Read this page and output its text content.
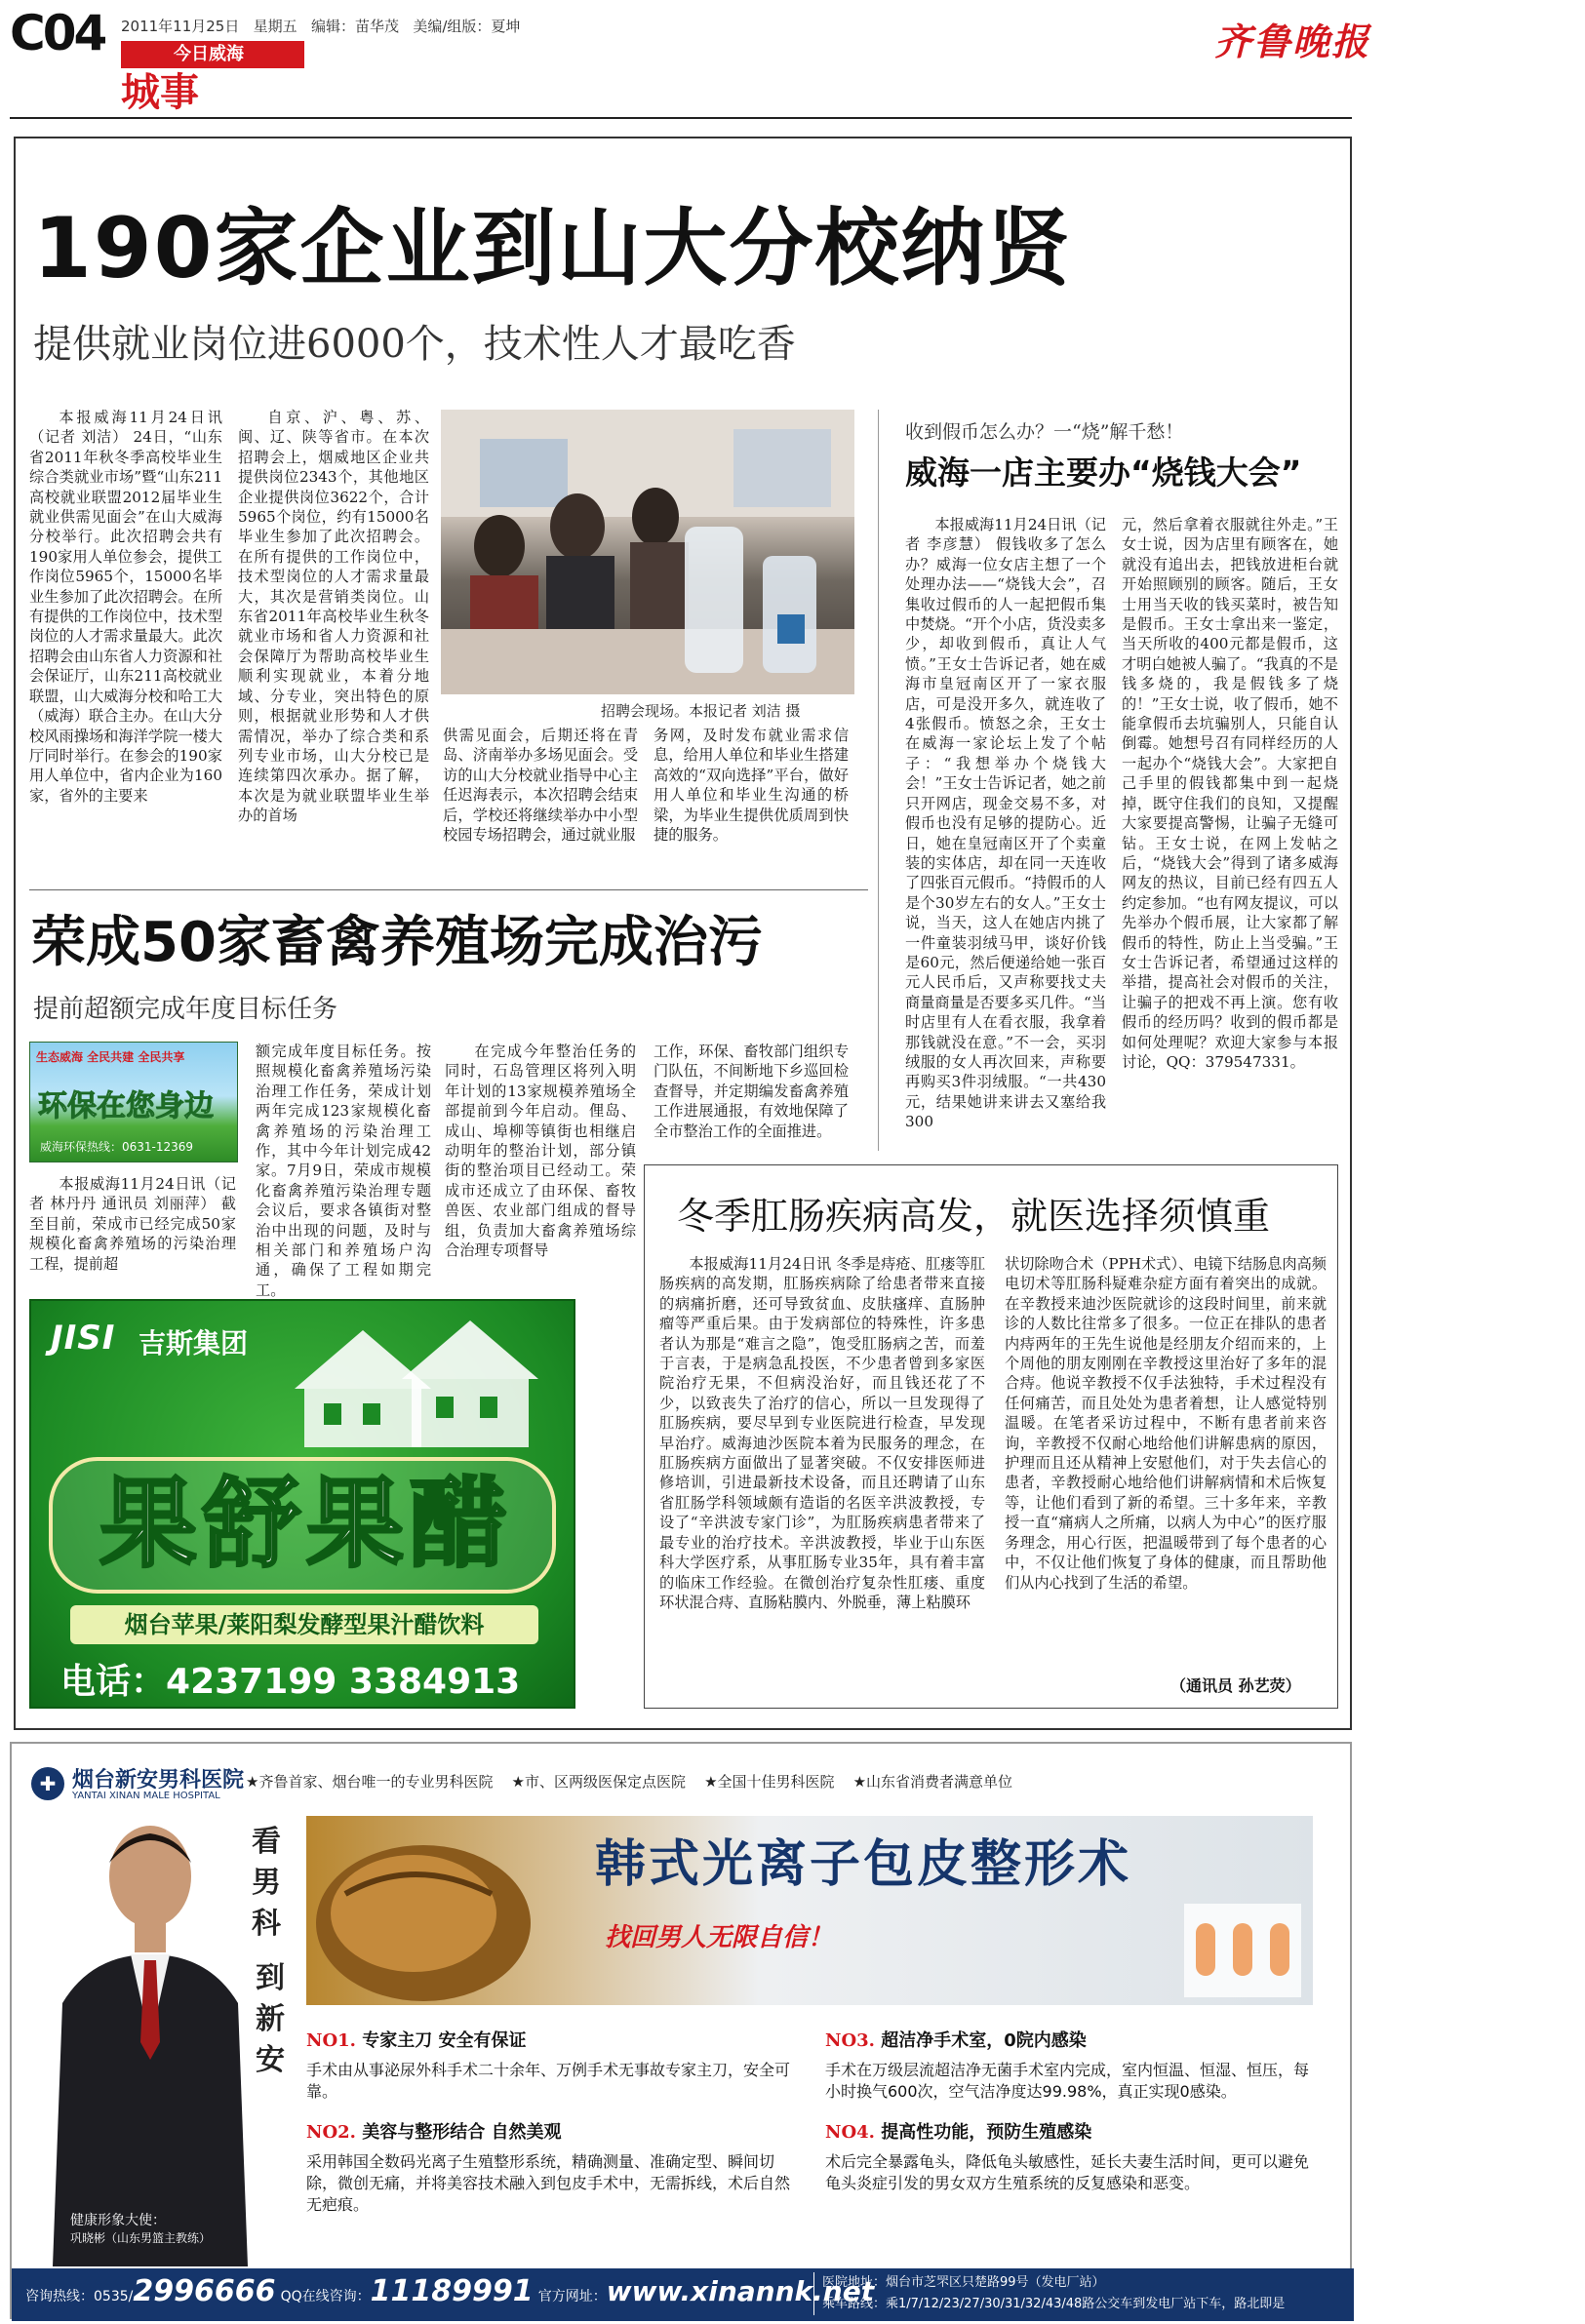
C04 2011年11月25日 星期五 编辑：苗华茂 美编/组版：夏坤
今日威海
城事
齐鲁晚报
190家企业到山大分校纳贤
提供就业岗位进6000个，技术性人才最吃香

本报威海11月24日讯（记者 刘洁） 24日，“山东省2011年秋冬季高校毕业生综合类就业市场”暨“山东211高校就业联盟2012届毕业生就业供需见面会”在山大威海分校举行。此次招聘会共有190家用人单位参会，提供工作岗位5965个，15000名毕业生参加了此次招聘会。在所有提供的工作岗位中，技术型岗位的人才需求量最大。此次招聘会由山东省人力资源和社会保证厅，山东211高校就业联盟，山大威海分校和哈工大（威海）联合主办。在山大分校风雨操场和海洋学院一楼大厅同时举行。在参会的190家用人单位中，省内企业为160家，省外的主要来

自京、沪、粤、苏、闽、辽、陕等省市。在本次招聘会上，烟威地区企业共提供岗位2343个，其他地区企业提供岗位3622个，合计5965个岗位，约有15000名毕业生参加了此次招聘会。在所有提供的工作岗位中，技术型岗位的人才需求量最大，其次是营销类岗位。山东省2011年高校毕业生秋冬就业市场和省人力资源和社会保障厅为帮助高校毕业生顺利实现就业，本着分地域、分专业，突出特色的原则，根据就业形势和人才供需情况，举办了综合类和系列专业市场，山大分校已是连续第四次承办。据了解，本次是为就业联盟毕业生举办的首场

招聘会现场。本报记者 刘洁 摄

供需见面会，后期还将在青岛、济南举办多场见面会。受访的山大分校就业指导中心主任迟海表示，本次招聘会结束后，学校还将继续举办中小型校园专场招聘会，通过就业服

务网，及时发布就业需求信息，给用人单位和毕业生搭建高效的“双向选择”平台，做好用人单位和毕业生沟通的桥梁，为毕业生提供优质周到快捷的服务。

收到假币怎么办？一“烧”解千愁！
威海一店主要办“烧钱大会”

本报威海11月24日讯（记者 李彦慧） 假钱收多了怎么办？威海一位女店主想了一个处理办法——“烧钱大会”，召集收过假币的人一起把假币集中焚烧。“开个小店，货没卖多少，却收到假币，真让人气愤。”王女士告诉记者，她在威海市皇冠南区开了一家衣服店，可是没开多久，就连收了4张假币。愤怒之余，王女士在威海一家论坛上发了个帖子：“我想举办个烧钱大会！”王女士告诉记者，她之前只开网店，现金交易不多，对假币也没有足够的提防心。近日，她在皇冠南区开了个卖童装的实体店，却在同一天连收了四张百元假币。“持假币的人是个30岁左右的女人。”王女士说，当天，这人在她店内挑了一件童装羽绒马甲，谈好价钱是60元，然后便递给她一张百元人民币后，又声称要找丈夫商量商量是否要多买几件。“当时店里有人在看衣服，我拿着那钱就没在意。”不一会，买羽绒服的女人再次回来，声称要再购买3件羽绒服。“一共430元，结果她讲来讲去又塞给我300

元，然后拿着衣服就往外走。”王女士说，因为店里有顾客在，她就没有追出去，把钱放进柜台就开始照顾别的顾客。随后，王女士用当天收的钱买菜时，被告知是假币。王女士拿出来一鉴定，当天所收的400元都是假币，这才明白她被人骗了。“我真的不是钱多烧的，我是假钱多了烧的！”王女士说，收了假币，她不能拿假币去坑骗别人，只能自认倒霉。她想号召有同样经历的人一起办个“烧钱大会”。大家把自己手里的假钱都集中到一起烧掉，既守住我们的良知，又提醒大家要提高警惕，让骗子无缝可钻。王女士说，在网上发帖之后，“烧钱大会”得到了诸多威海网友的热议，目前已经有四五人约定参加。“也有网友提议，可以先举办个假币展，让大家都了解假币的特性，防止上当受骗。”王女士告诉记者，希望通过这样的举措，提高社会对假币的关注，让骗子的把戏不再上演。您有收假币的经历吗？收到的假币都是如何处理呢？欢迎大家参与本报讨论，QQ：379547331。

荣成50家畜禽养殖场完成治污
提前超额完成年度目标任务
生态威海 全民共建 全民共享
环保在您身边
威海环保热线：0631-12369

本报威海11月24日讯（记者 林丹丹 通讯员 刘丽萍） 截至目前，荣成市已经完成50家规模化畜禽养殖场的污染治理工程，提前超

额完成年度目标任务。按照规模化畜禽养殖场污染治理工作任务，荣成计划两年完成123家规模化畜禽养殖场的污染治理工作，其中今年计划完成42家。7月9日，荣成市规模化畜禽养殖污染治理专题会议后，要求各镇街对整治中出现的问题，及时与相关部门和养殖场户沟通，确保了工程如期完工。

在完成今年整治任务的同时，石岛管理区将列入明年计划的13家规模养殖场全部提前到今年启动。俚岛、成山、埠柳等镇街也相继启动明年的整治计划，部分镇街的整治项目已经动工。荣成市还成立了由环保、畜牧兽医、农业部门组成的督导组，负责加大畜禽养殖场综合治理专项督导

工作，环保、畜牧部门组织专门队伍，不间断地下乡巡回检查督导，并定期编发畜禽养殖工作进展通报，有效地保障了全市整治工作的全面推进。

JISI 吉斯集团
果舒果醋
烟台苹果/莱阳梨发酵型果汁醋饮料
电话：4237199 3384913
冬季肛肠疾病高发，就医选择须慎重

本报威海11月24日讯 冬季是痔疮、肛瘘等肛肠疾病的高发期，肛肠疾病除了给患者带来直接的病痛折磨，还可导致贫血、皮肤瘙痒、直肠肿瘤等严重后果。由于发病部位的特殊性，许多患者认为那是“难言之隐”，饱受肛肠病之苦，而羞于言表，于是病急乱投医，不少患者曾到多家医院治疗无果，不但病没治好，而且钱还花了不少，以致丧失了治疗的信心，所以一旦发现得了肛肠疾病，要尽早到专业医院进行检查，早发现早治疗。威海迪沙医院本着为民服务的理念，在肛肠疾病方面做出了显著突破。不仅安排医师进修培训，引进最新技术设备，而且还聘请了山东省肛肠学科领域颇有造诣的名医辛洪波教授，专设了“辛洪波专家门诊”，为肛肠疾病患者带来了最专业的治疗技术。辛洪波教授，毕业于山东医科大学医疗系，从事肛肠专业35年，具有着丰富的临床工作经验。在微创治疗复杂性肛瘘、重度环状混合痔、直肠粘膜内、外脱垂，薄上粘膜环

状切除吻合术（PPH术式）、电镜下结肠息肉高频电切术等肛肠科疑难杂症方面有着突出的成就。在辛教授来迪沙医院就诊的这段时间里，前来就诊的人数比往常多了很多。一位正在排队的患者内痔两年的王先生说他是经朋友介绍而来的，上个周他的朋友刚刚在辛教授这里治好了多年的混合痔。他说辛教授不仅手法独特，手术过程没有任何痛苦，而且处处为患者着想，让人感觉特别温暖。在笔者采访过程中，不断有患者前来咨询，辛教授不仅耐心地给他们讲解患病的原因，护理而且还从精神上安慰他们，对于失去信心的患者，辛教授耐心地给他们讲解病情和术后恢复等，让他们看到了新的希望。三十多年来，辛教授一直“痛病人之所痛，以病人为中心”的医疗服务理念，用心行医，把温暖带到了每个患者的心中，不仅让他们恢复了身体的健康，而且帮助他们从内心找到了生活的希望。

（通讯员 孙艺荧）
✚ 烟台新安男科医院
YANTAI XINAN MALE HOSPITAL
★齐鲁首家、烟台唯一的专业男科医院 ★市、区两级医保定点医院 ★全国十佳男科医院 ★山东省消费者满意单位
健康形象大使：
巩晓彬（山东男篮主教练）
看男科
到新安
韩式光离子包皮整形术
找回男人无限自信！
NO1. 专家主刀 安全有保证
手术由从事泌尿外科手术二十余年、万例手术无事故专家主刀，安全可靠。
NO2. 美容与整形结合 自然美观
采用韩国全数码光离子生殖整形系统，精确测量、准确定型、瞬间切除，微创无痛，并将美容技术融入到包皮手术中，无需拆线，术后自然无疤痕。
NO3. 超洁净手术室，0院内感染
手术在万级层流超洁净无菌手术室内完成，室内恒温、恒湿、恒压，每小时换气600次，空气洁净度达99.98%，真正实现0感染。
NO4. 提高性功能，预防生殖感染
术后完全暴露龟头，降低龟头敏感性，延长夫妻生活时间，更可以避免龟头炎症引发的男女双方生殖系统的反复感染和恶变。
咨询热线：0535/2996666 QQ在线咨询：11189991 官方网址：www.xinannk.net
医院地址：烟台市芝罘区只楚路99号（发电厂站）
乘车路线：乘1/7/12/23/27/30/31/32/43/48路公交车到发电厂站下车，路北即是
